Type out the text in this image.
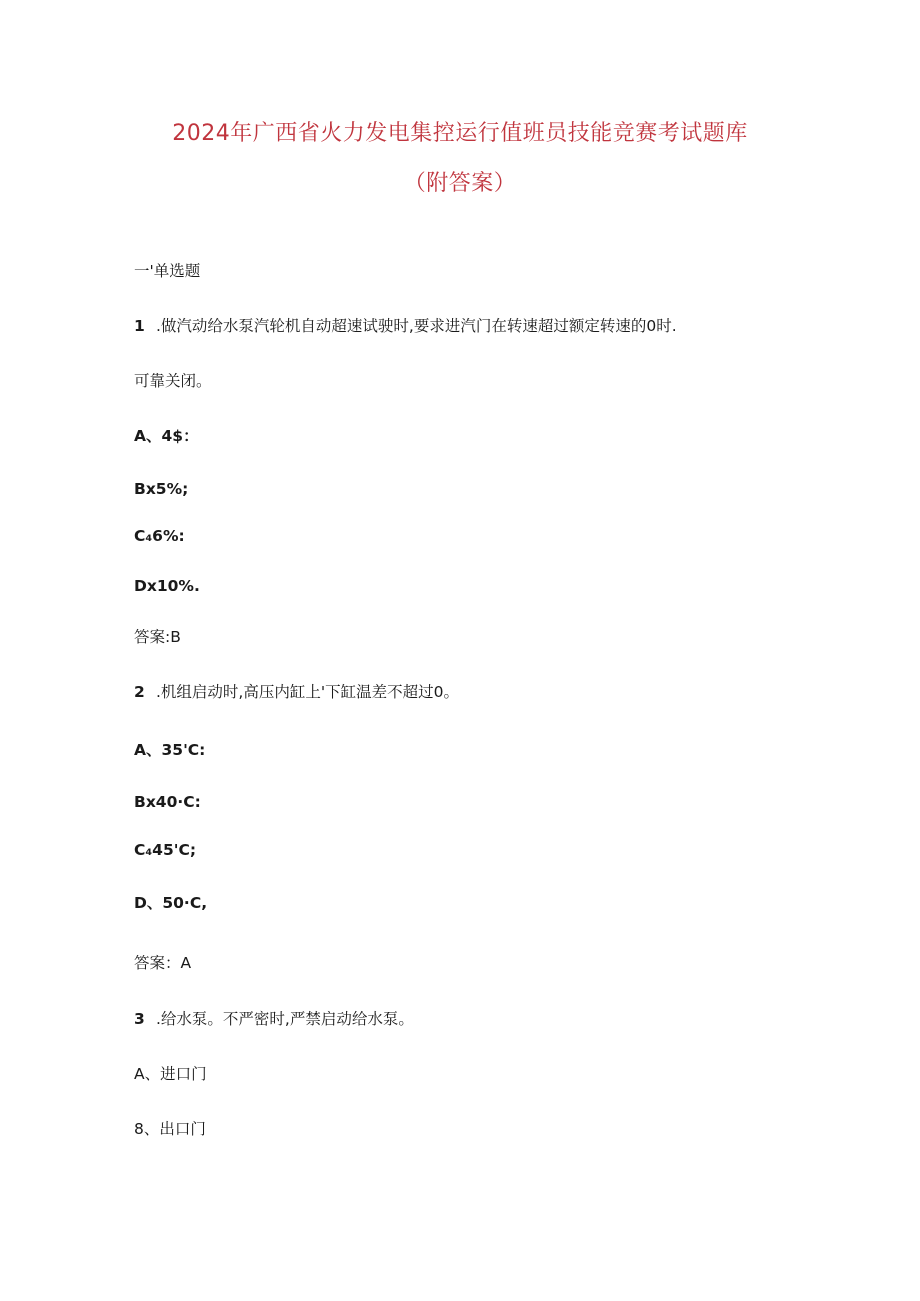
2024年广西省火力发电集控运行值班员技能竞赛考试题库
（附答案）
一'单选题
1 .做汽动给水泵汽轮机自动超速试驶时,要求进汽门在转速超过额定转速的0时.
可靠关闭。
A、4$：
Bx5%;
C₄6%:
Dx10%.
答案:B
2 .机组启动时,高压内缸上'下缸温差不超过0。
A、35'C:
Bx40∙C:
C₄45'C;
D、50∙C,
答案：A
3 .给水泵。不严密时,严禁启动给水泵。
A、进口门
8、出口门
